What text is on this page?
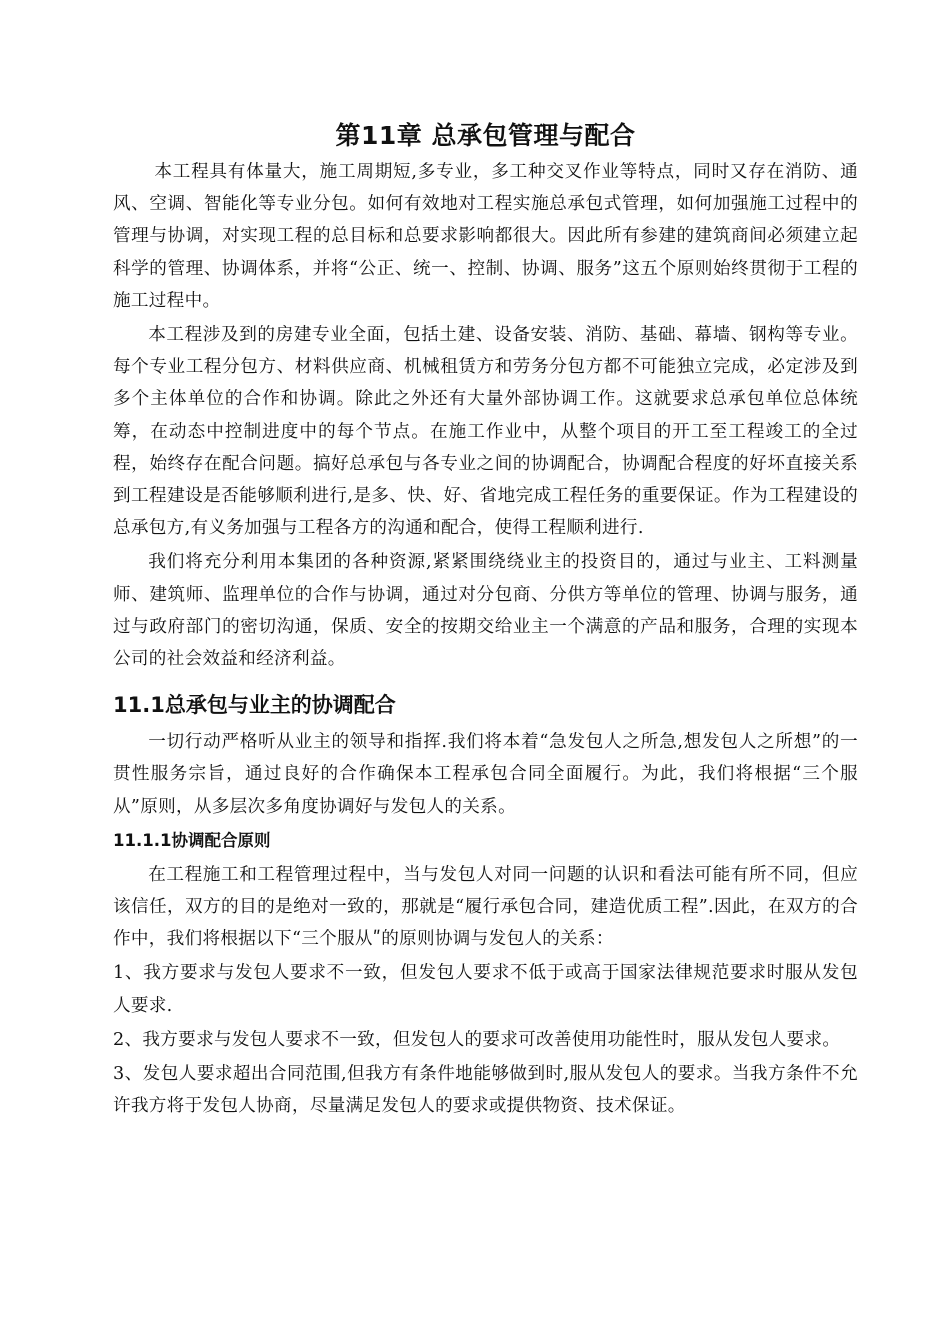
第11章 总承包管理与配合

本工程具有体量大，施工周期短,多专业，多工种交叉作业等特点，同时又存在消防、通风、空调、智能化等专业分包。如何有效地对工程实施总承包式管理，如何加强施工过程中的管理与协调，对实现工程的总目标和总要求影响都很大。因此所有参建的建筑商间必须建立起科学的管理、协调体系，并将“公正、统一、控制、协调、服务”这五个原则始终贯彻于工程的施工过程中。

本工程涉及到的房建专业全面，包括土建、设备安装、消防、基础、幕墙、钢构等专业。每个专业工程分包方、材料供应商、机械租赁方和劳务分包方都不可能独立完成，必定涉及到多个主体单位的合作和协调。除此之外还有大量外部协调工作。这就要求总承包单位总体统筹，在动态中控制进度中的每个节点。在施工作业中，从整个项目的开工至工程竣工的全过程，始终存在配合问题。搞好总承包与各专业之间的协调配合，协调配合程度的好坏直接关系到工程建设是否能够顺利进行,是多、快、好、省地完成工程任务的重要保证。作为工程建设的总承包方,有义务加强与工程各方的沟通和配合，使得工程顺利进行.

我们将充分利用本集团的各种资源,紧紧围绕绕业主的投资目的，通过与业主、工料测量师、建筑师、监理单位的合作与协调，通过对分包商、分供方等单位的管理、协调与服务，通过与政府部门的密切沟通，保质、安全的按期交给业主一个满意的产品和服务，合理的实现本公司的社会效益和经济利益。

11.1总承包与业主的协调配合

一切行动严格听从业主的领导和指挥.我们将本着“急发包人之所急,想发包人之所想”的一贯性服务宗旨，通过良好的合作确保本工程承包合同全面履行。为此，我们将根据“三个服从”原则，从多层次多角度协调好与发包人的关系。

11.1.1协调配合原则

在工程施工和工程管理过程中，当与发包人对同一问题的认识和看法可能有所不同，但应该信任，双方的目的是绝对一致的，那就是“履行承包合同，建造优质工程”.因此，在双方的合作中，我们将根据以下“三个服从ʺ的原则协调与发包人的关系：

1、我方要求与发包人要求不一致，但发包人要求不低于或高于国家法律规范要求时服从发包人要求.

2、我方要求与发包人要求不一致，但发包人的要求可改善使用功能性时，服从发包人要求。

3、发包人要求超出合同范围,但我方有条件地能够做到时,服从发包人的要求。当我方条件不允许我方将于发包人协商，尽量满足发包人的要求或提供物资、技术保证。
